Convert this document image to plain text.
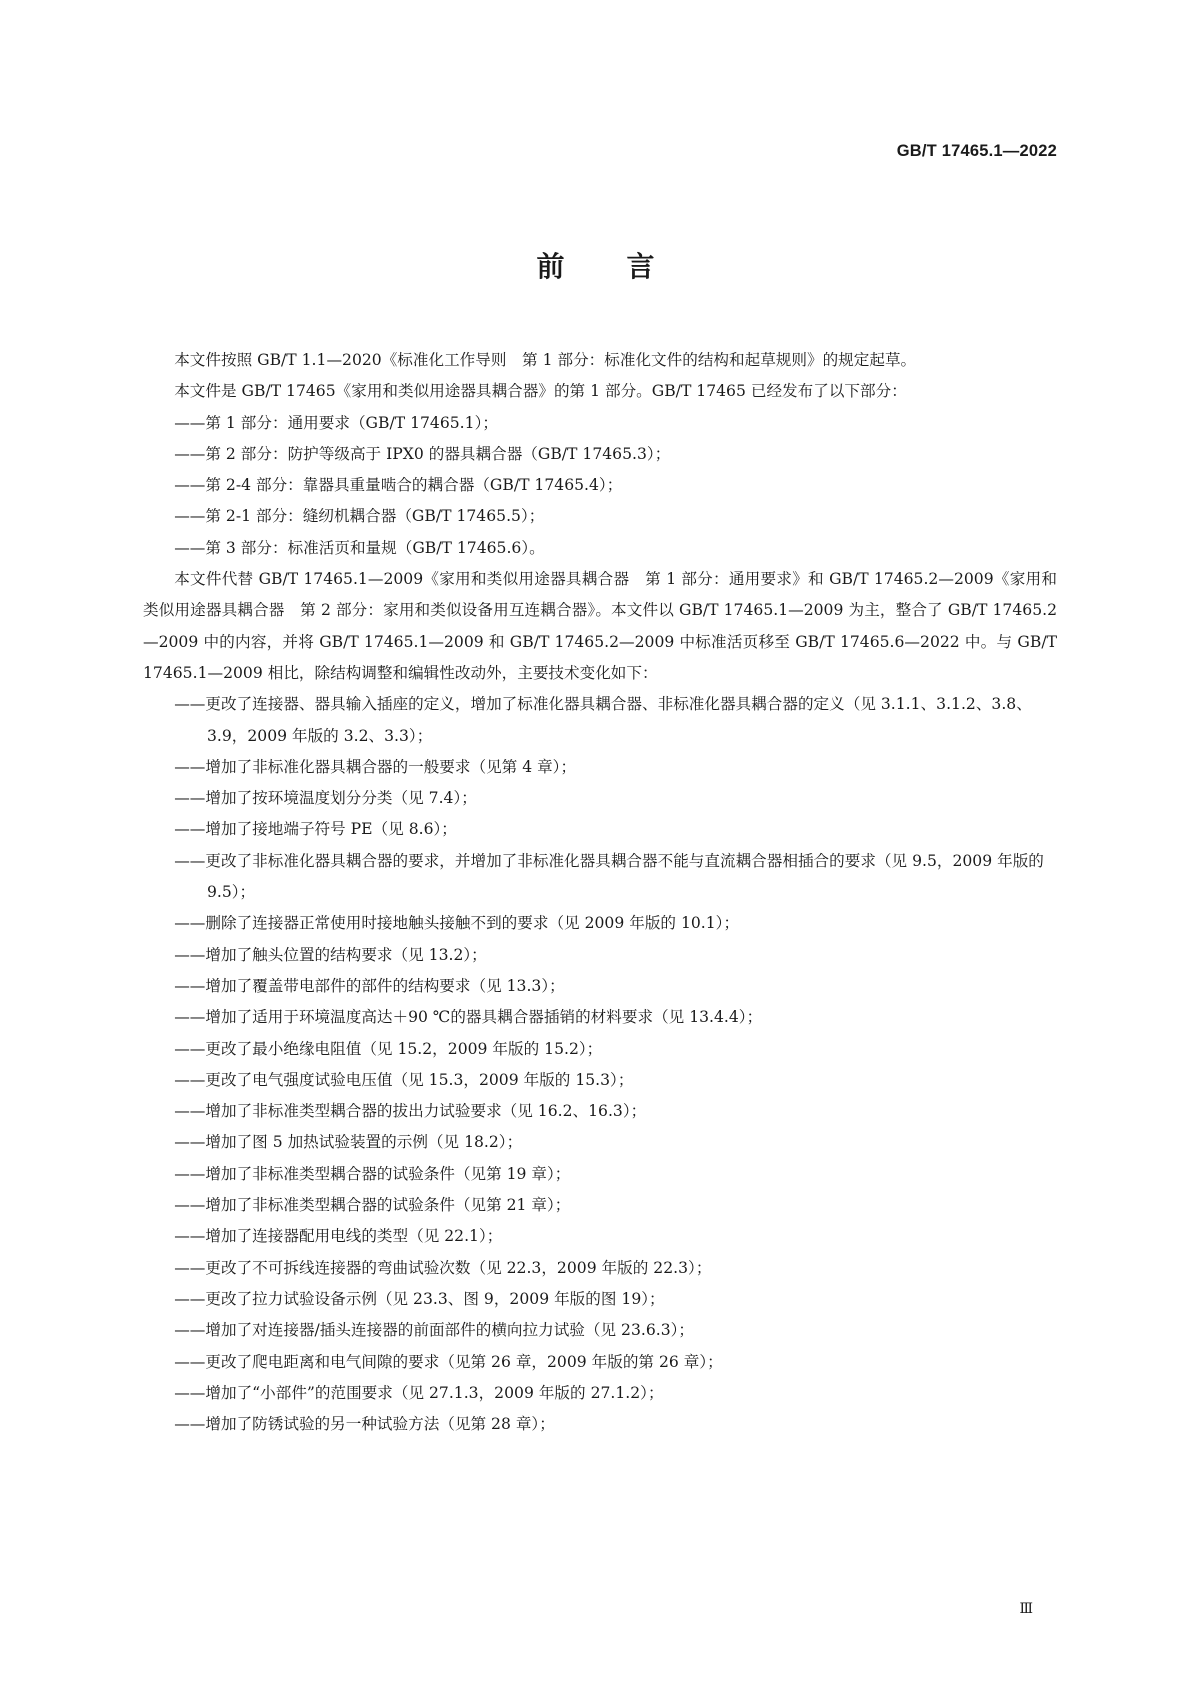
GB/T 17465.1—2022
前言

本文件按照 GB/T 1.1—2020《标准化工作导则　第 1 部分：标准化文件的结构和起草规则》的规定起草。

本文件是 GB/T 17465《家用和类似用途器具耦合器》的第 1 部分。GB/T 17465 已经发布了以下部分：

——第 1 部分：通用要求（GB/T 17465.1）；

——第 2 部分：防护等级高于 IPX0 的器具耦合器（GB/T 17465.3）；

——第 2-4 部分：靠器具重量啮合的耦合器（GB/T 17465.4）；

——第 2-1 部分：缝纫机耦合器（GB/T 17465.5）；

——第 3 部分：标准活页和量规（GB/T 17465.6）。

本文件代替 GB/T 17465.1—2009《家用和类似用途器具耦合器　第 1 部分：通用要求》和 GB/T 17465.2—2009《家用和类似用途器具耦合器　第 2 部分：家用和类似设备用互连耦合器》。本文件以 GB/T 17465.1—2009 为主，整合了 GB/T 17465.2—2009 中的内容，并将 GB/T 17465.1—2009 和 GB/T 17465.2—2009 中标准活页移至 GB/T 17465.6—2022 中。与 GB/T 17465.1—2009 相比，除结构调整和编辑性改动外，主要技术变化如下：

——更改了连接器、器具输入插座的定义，增加了标准化器具耦合器、非标准化器具耦合器的定义（见 3.1.1、3.1.2、3.8、3.9，2009 年版的 3.2、3.3）；

——增加了非标准化器具耦合器的一般要求（见第 4 章）；

——增加了按环境温度划分分类（见 7.4）；

——增加了接地端子符号 PE（见 8.6）；

——更改了非标准化器具耦合器的要求，并增加了非标准化器具耦合器不能与直流耦合器相插合的要求（见 9.5，2009 年版的 9.5）；

——删除了连接器正常使用时接地触头接触不到的要求（见 2009 年版的 10.1）；

——增加了触头位置的结构要求（见 13.2）；

——增加了覆盖带电部件的部件的结构要求（见 13.3）；

——增加了适用于环境温度高达＋90 ℃的器具耦合器插销的材料要求（见 13.4.4）；

——更改了最小绝缘电阻值（见 15.2，2009 年版的 15.2）；

——更改了电气强度试验电压值（见 15.3，2009 年版的 15.3）；

——增加了非标准类型耦合器的拔出力试验要求（见 16.2、16.3）；

——增加了图 5 加热试验装置的示例（见 18.2）；

——增加了非标准类型耦合器的试验条件（见第 19 章）；

——增加了非标准类型耦合器的试验条件（见第 21 章）；

——增加了连接器配用电线的类型（见 22.1）；

——更改了不可拆线连接器的弯曲试验次数（见 22.3，2009 年版的 22.3）；

——更改了拉力试验设备示例（见 23.3、图 9，2009 年版的图 19）；

——增加了对连接器/插头连接器的前面部件的横向拉力试验（见 23.6.3）；

——更改了爬电距离和电气间隙的要求（见第 26 章，2009 年版的第 26 章）；

——增加了“小部件”的范围要求（见 27.1.3，2009 年版的 27.1.2）；

——增加了防锈试验的另一种试验方法（见第 28 章）；

Ⅲ
